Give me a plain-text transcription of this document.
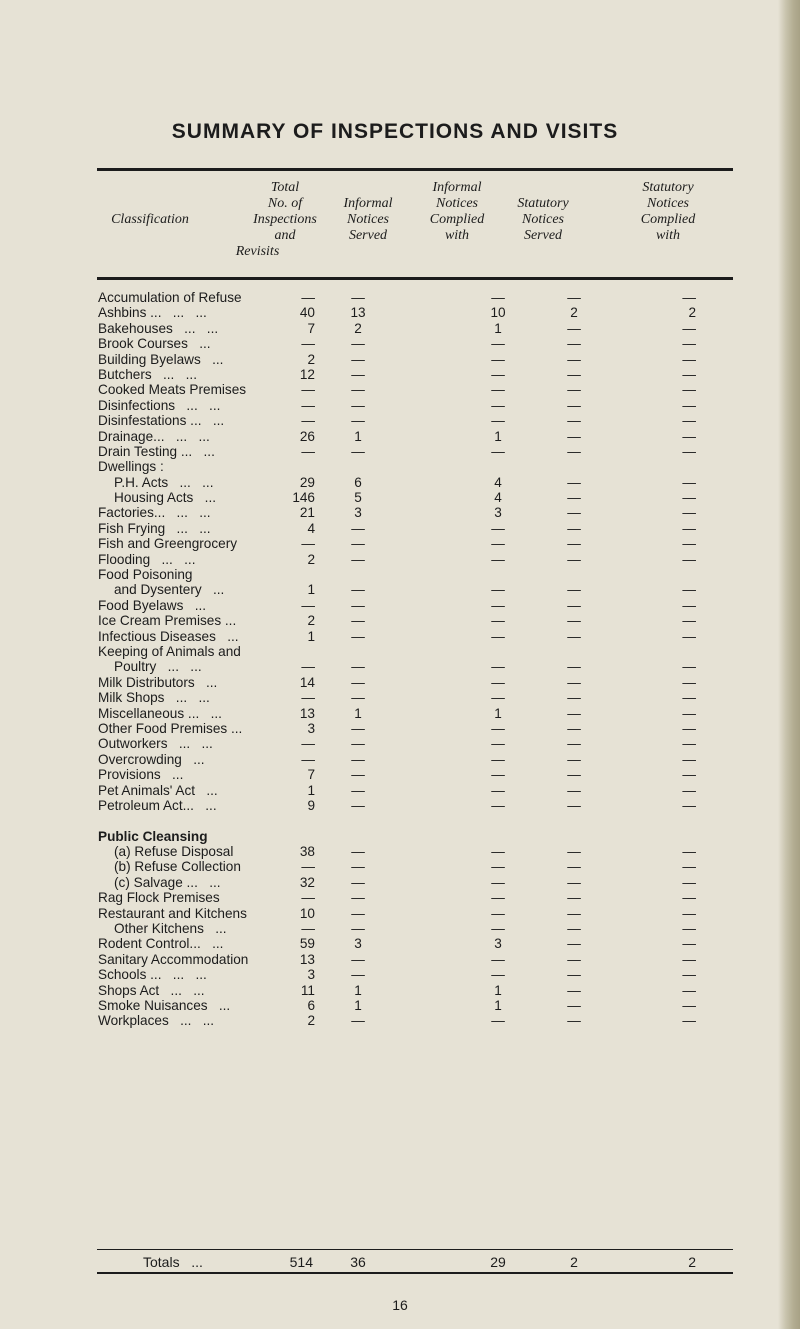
SUMMARY OF INSPECTIONS AND VISITS
Classification
Total
No. of
Inspections
and
Revisits
Informal
Notices
Served
Informal
Notices
Complied
with
Statutory
Notices
Served
Statutory
Notices
Complied
with
Accumulation of Refuse	—	—	—	—	—
Ashbins ...   ...   ...	40	13	10	2	2
Bakehouses   ...   ...	7	2	1	—	—
Brook Courses   ...	—	—	—	—	—
Building Byelaws   ...	2	—	—	—	—
Butchers   ...   ...	12	—	—	—	—
Cooked Meats Premises	—	—	—	—	—
Disinfections   ...   ...	—	—	—	—	—
Disinfestations ...   ...	—	—	—	—	—
Drainage...   ...   ...	26	1	1	—	—
Drain Testing ...   ...	—	—	—	—	—
Dwellings :
P.H. Acts   ...   ...	29	6	4	—	—
Housing Acts   ...	146	5	4	—	—
Factories...   ...   ...	21	3	3	—	—
Fish Frying   ...   ...	4	—	—	—	—
Fish and Greengrocery	—	—	—	—	—
Flooding   ...   ...	2	—	—	—	—
Food Poisoning
and Dysentery   ...	1	—	—	—	—
Food Byelaws   ...	—	—	—	—	—
Ice Cream Premises ...	2	—	—	—	—
Infectious Diseases   ...	1	—	—	—	—
Keeping of Animals and
Poultry   ...   ...	—	—	—	—	—
Milk Distributors   ...	14	—	—	—	—
Milk Shops   ...   ...	—	—	—	—	—
Miscellaneous ...   ...	13	1	1	—	—
Other Food Premises ...	3	—	—	—	—
Outworkers   ...   ...	—	—	—	—	—
Overcrowding   ...	—	—	—	—	—
Provisions   ...	7	—	—	—	—
Pet Animals' Act   ...	1	—	—	—	—
Petroleum Act...   ...	9	—	—	—	—
Public Cleansing
(a) Refuse Disposal	38	—	—	—	—
(b) Refuse Collection	—	—	—	—	—
(c) Salvage ...   ...	32	—	—	—	—
Rag Flock Premises	—	—	—	—	—
Restaurant and Kitchens	10	—	—	—	—
Other Kitchens   ...	—	—	—	—	—
Rodent Control...   ...	59	3	3	—	—
Sanitary Accommodation	13	—	—	—	—
Schools ...   ...   ...	3	—	—	—	—
Shops Act   ...   ...	11	1	1	—	—
Smoke Nuisances   ...	6	1	1	—	—
Workplaces   ...   ...	2	—	—	—	—
Totals   ...	514	36	29	2	2
16
